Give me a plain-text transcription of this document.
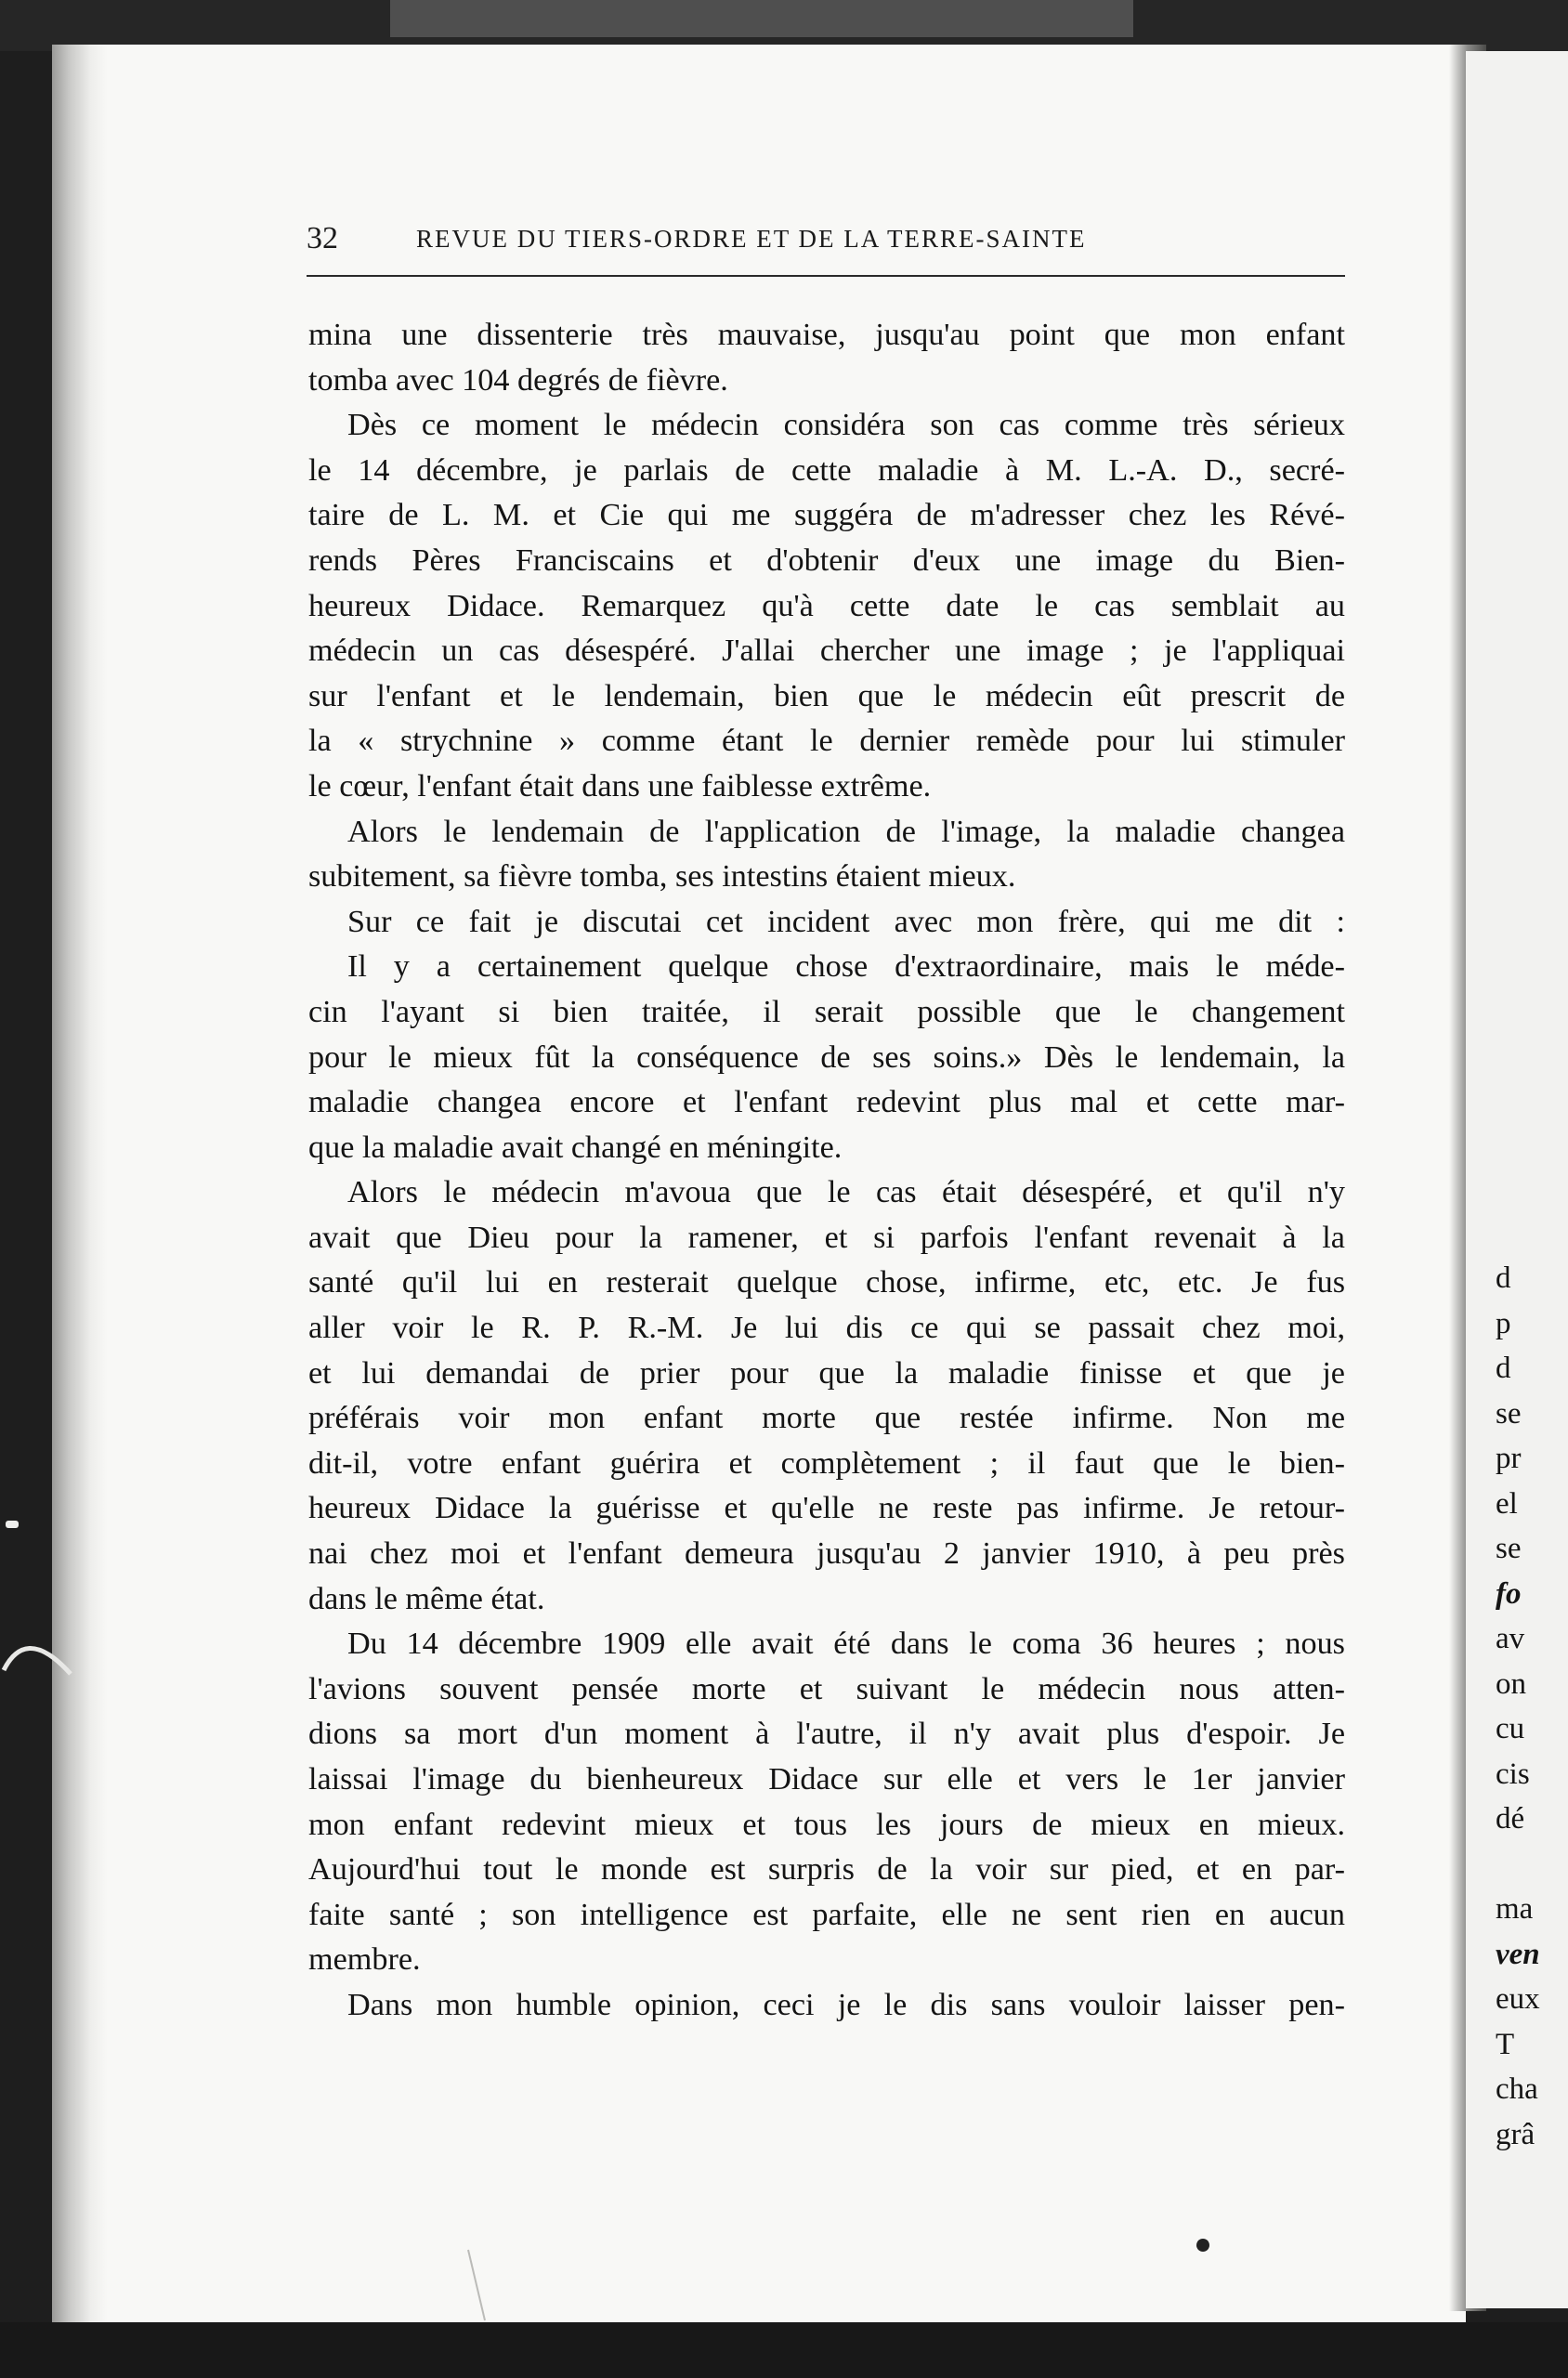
32	REVUE DU TIERS-ORDRE ET DE LA TERRE-SAINTE
mina une dissenterie très mauvaise, jusqu'au point que mon enfant
tomba avec 104 degrés de fièvre.
Dès ce moment le médecin considéra son cas comme très sérieux
le 14 décembre, je parlais de cette maladie à M. L.-A. D., secré-
taire de L. M. et Cie qui me suggéra de m'adresser chez les Révé-
rends Pères Franciscains et d'obtenir d'eux une image du Bien-
heureux Didace. Remarquez qu'à cette date le cas semblait au
médecin un cas désespéré. J'allai chercher une image ; je l'appliquai
sur l'enfant et le lendemain, bien que le médecin eût prescrit de
la « strychnine » comme étant le dernier remède pour lui stimuler
le cœur, l'enfant était dans une faiblesse extrême.
Alors le lendemain de l'application de l'image, la maladie changea
subitement, sa fièvre tomba, ses intestins étaient mieux.
Sur ce fait je discutai cet incident avec mon frère, qui me dit :
Il y a certainement quelque chose d'extraordinaire, mais le méde-
cin l'ayant si bien traitée, il serait possible que le changement
pour le mieux fût la conséquence de ses soins.» Dès le lendemain, la
maladie changea encore et l'enfant redevint plus mal et cette mar-
que la maladie avait changé en méningite.
Alors le médecin m'avoua que le cas était désespéré, et qu'il n'y
avait que Dieu pour la ramener, et si parfois l'enfant revenait à la
santé qu'il lui en resterait quelque chose, infirme, etc, etc. Je fus
aller voir le R. P. R.-M. Je lui dis ce qui se passait chez moi,
et lui demandai de prier pour que la maladie finisse et que je
préférais voir mon enfant morte que restée infirme. Non me
dit-il, votre enfant guérira et complètement ; il faut que le bien-
heureux Didace la guérisse et qu'elle ne reste pas infirme. Je retour-
nai chez moi et l'enfant demeura jusqu'au 2 janvier 1910, à peu près
dans le même état.
Du 14 décembre 1909 elle avait été dans le coma 36 heures ; nous
l'avions souvent pensée morte et suivant le médecin nous atten-
dions sa mort d'un moment à l'autre, il n'y avait plus d'espoir. Je
laissai l'image du bienheureux Didace sur elle et vers le 1er janvier
mon enfant redevint mieux et tous les jours de mieux en mieux.
Aujourd'hui tout le monde est surpris de la voir sur pied, et en par-
faite santé ; son intelligence est parfaite, elle ne sent rien en aucun
membre.
Dans mon humble opinion, ceci je le dis sans vouloir laisser pen-
d
p
d
se
pr
el
se
fo
av
on
cu
cis
dé
ma
ven
eux
T
cha
grâ
